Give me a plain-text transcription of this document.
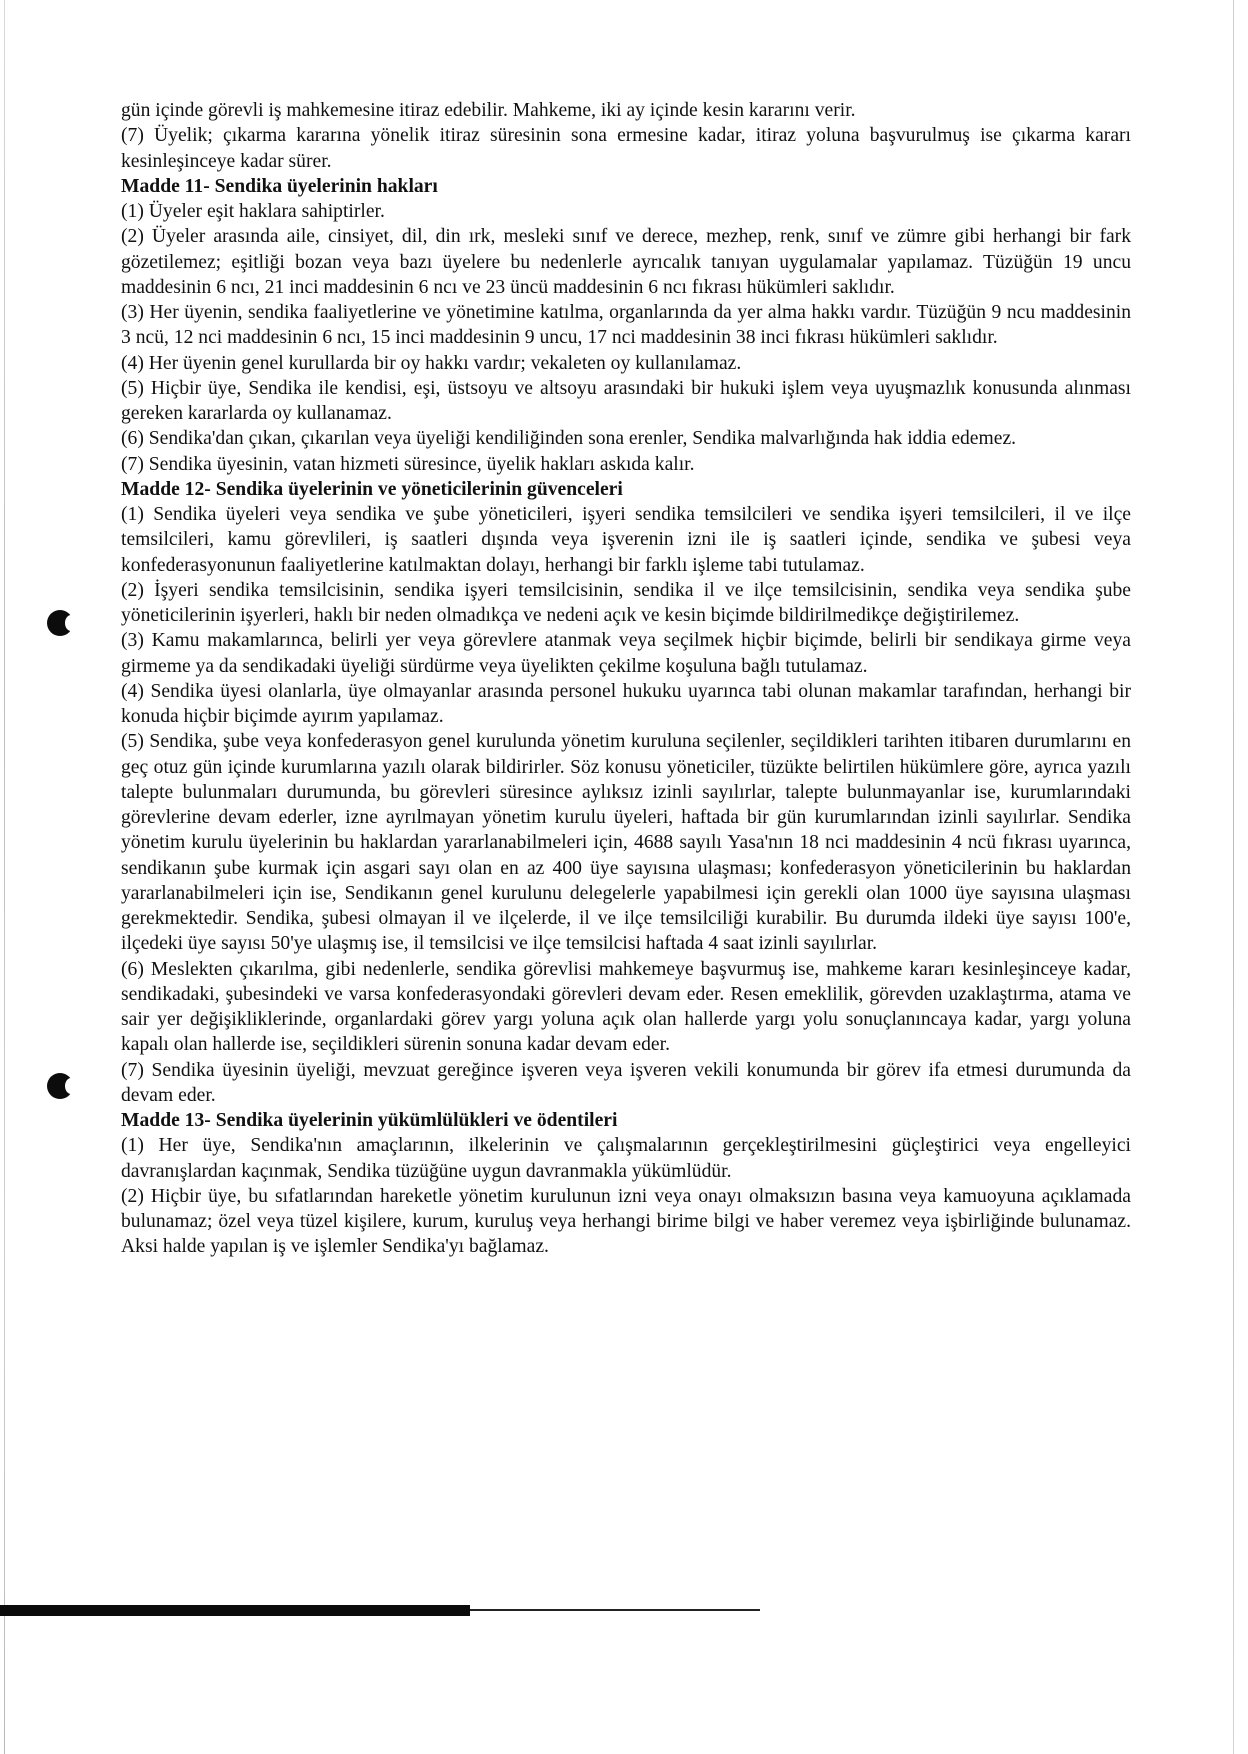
gün içinde görevli iş mahkemesine itiraz edebilir. Mahkeme, iki ay içinde kesin kararını verir.

(7) Üyelik; çıkarma kararına yönelik itiraz süresinin sona ermesine kadar, itiraz yoluna başvurulmuş ise çıkarma kararı kesinleşinceye kadar sürer.

Madde 11- Sendika üyelerinin hakları

(1) Üyeler eşit haklara sahiptirler.

(2) Üyeler arasında aile, cinsiyet, dil, din ırk, mesleki sınıf ve derece, mezhep, renk, sınıf ve zümre gibi herhangi bir fark gözetilemez; eşitliği bozan veya bazı üyelere bu nedenlerle ayrıcalık tanıyan uygulamalar yapılamaz. Tüzüğün 19 uncu maddesinin 6 ncı, 21 inci maddesinin 6 ncı ve 23 üncü maddesinin 6 ncı fıkrası hükümleri saklıdır.

(3) Her üyenin, sendika faaliyetlerine ve yönetimine katılma, organlarında da yer alma hakkı vardır. Tüzüğün 9 ncu maddesinin 3 ncü, 12 nci maddesinin 6 ncı, 15 inci maddesinin 9 uncu, 17 nci maddesinin 38 inci fıkrası hükümleri saklıdır.

(4) Her üyenin genel kurullarda bir oy hakkı vardır; vekaleten oy kullanılamaz.

(5) Hiçbir üye, Sendika ile kendisi, eşi, üstsoyu ve altsoyu arasındaki bir hukuki işlem veya uyuşmazlık konusunda alınması gereken kararlarda oy kullanamaz.

(6) Sendika'dan çıkan, çıkarılan veya üyeliği kendiliğinden sona erenler, Sendika malvarlığında hak iddia edemez.

(7) Sendika üyesinin, vatan hizmeti süresince, üyelik hakları askıda kalır.

Madde 12- Sendika üyelerinin ve yöneticilerinin güvenceleri

(1) Sendika üyeleri veya sendika ve şube yöneticileri, işyeri sendika temsilcileri ve sendika işyeri temsilcileri, il ve ilçe temsilcileri, kamu görevlileri, iş saatleri dışında veya işverenin izni ile iş saatleri içinde, sendika ve şubesi veya konfederasyonunun faaliyetlerine katılmaktan dolayı, herhangi bir farklı işleme tabi tutulamaz.

(2) İşyeri sendika temsilcisinin, sendika işyeri temsilcisinin, sendika il ve ilçe temsilcisinin, sendika veya sendika şube yöneticilerinin işyerleri, haklı bir neden olmadıkça ve nedeni açık ve kesin biçimde bildirilmedikçe değiştirilemez.

(3) Kamu makamlarınca, belirli yer veya görevlere atanmak veya seçilmek hiçbir biçimde, belirli bir sendikaya girme veya girmeme ya da sendikadaki üyeliği sürdürme veya üyelikten çekilme koşuluna bağlı tutulamaz.

(4) Sendika üyesi olanlarla, üye olmayanlar arasında personel hukuku uyarınca tabi olunan makamlar tarafından, herhangi bir konuda hiçbir biçimde ayırım yapılamaz.

(5) Sendika, şube veya konfederasyon genel kurulunda yönetim kuruluna seçilenler, seçildikleri tarihten itibaren durumlarını en geç otuz gün içinde kurumlarına yazılı olarak bildirirler. Söz konusu yöneticiler, tüzükte belirtilen hükümlere göre, ayrıca yazılı talepte bulunmaları durumunda, bu görevleri süresince aylıksız izinli sayılırlar, talepte bulunmayanlar ise, kurumlarındaki görevlerine devam ederler, izne ayrılmayan yönetim kurulu üyeleri, haftada bir gün kurumlarından izinli sayılırlar. Sendika yönetim kurulu üyelerinin bu haklardan yararlanabilmeleri için, 4688 sayılı Yasa'nın 18 nci maddesinin 4 ncü fıkrası uyarınca, sendikanın şube kurmak için asgari sayı olan en az 400 üye sayısına ulaşması; konfederasyon yöneticilerinin bu haklardan yararlanabilmeleri için ise, Sendikanın genel kurulunu delegelerle yapabilmesi için gerekli olan 1000 üye sayısına ulaşması gerekmektedir. Sendika, şubesi olmayan il ve ilçelerde, il ve ilçe temsilciliği kurabilir. Bu durumda ildeki üye sayısı 100'e, ilçedeki üye sayısı 50'ye ulaşmış ise, il temsilcisi ve ilçe temsilcisi haftada 4 saat izinli sayılırlar.

(6) Meslekten çıkarılma, gibi nedenlerle, sendika görevlisi mahkemeye başvurmuş ise, mahkeme kararı kesinleşinceye kadar, sendikadaki, şubesindeki ve varsa konfederasyondaki görevleri devam eder. Resen emeklilik, görevden uzaklaştırma, atama ve sair yer değişikliklerinde, organlardaki görev yargı yoluna açık olan hallerde yargı yolu sonuçlanıncaya kadar, yargı yoluna kapalı olan hallerde ise, seçildikleri sürenin sonuna kadar devam eder.

(7) Sendika üyesinin üyeliği, mevzuat gereğince işveren veya işveren vekili konumunda bir görev ifa etmesi durumunda da devam eder.

Madde 13- Sendika üyelerinin yükümlülükleri ve ödentileri

(1) Her üye, Sendika'nın amaçlarının, ilkelerinin ve çalışmalarının gerçekleştirilmesini güçleştirici veya engelleyici davranışlardan kaçınmak, Sendika tüzüğüne uygun davranmakla yükümlüdür.

(2) Hiçbir üye, bu sıfatlarından hareketle yönetim kurulunun izni veya onayı olmaksızın basına veya kamuoyuna açıklamada bulunamaz; özel veya tüzel kişilere, kurum, kuruluş veya herhangi birime bilgi ve haber veremez veya işbirliğinde bulunamaz. Aksi halde yapılan iş ve işlemler Sendika'yı bağlamaz.
